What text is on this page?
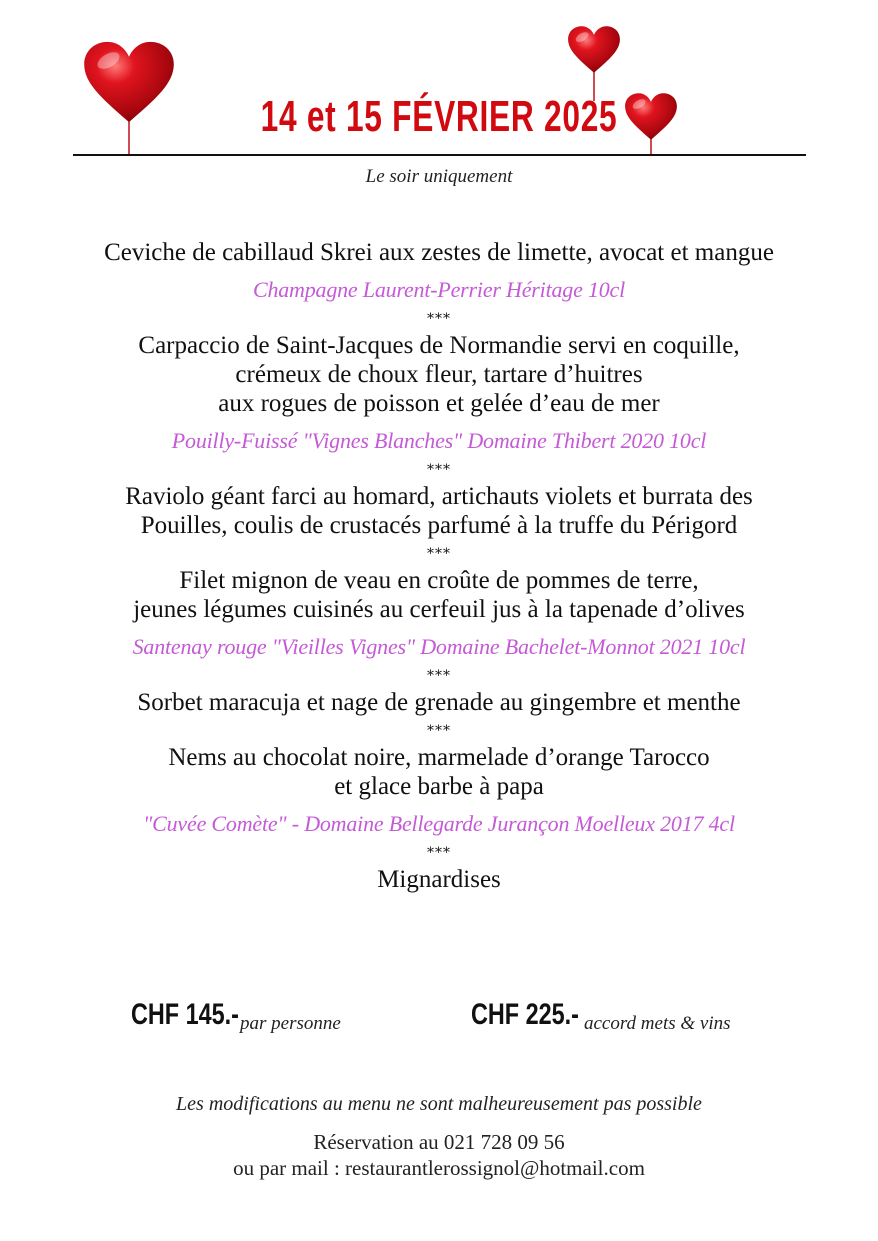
14 et 15 FÉVRIER 2025
Le soir uniquement
Ceviche de cabillaud Skrei aux zestes de limette, avocat et mangue
Champagne Laurent-Perrier Héritage 10cl
***
Carpaccio de Saint-Jacques de Normandie servi en coquille,
crémeux de choux fleur, tartare d’huitres
aux rogues de poisson et gelée d’eau de mer
Pouilly-Fuissé "Vignes Blanches" Domaine Thibert 2020 10cl
***
Raviolo géant farci au homard, artichauts violets et burrata des
Pouilles, coulis de crustacés parfumé à la truffe du Périgord
***
Filet mignon de veau en croûte de pommes de terre,
jeunes légumes cuisinés au cerfeuil jus à la tapenade d’olives
Santenay rouge "Vieilles Vignes" Domaine Bachelet-Monnot 2021 10cl
***
Sorbet maracuja et nage de grenade au gingembre et menthe
***
Nems au chocolat noire, marmelade d’orange Tarocco
et glace barbe à papa
"Cuvée Comète" - Domaine Bellegarde Jurançon Moelleux 2017 4cl
***
Mignardises
CHF 145.- par personne	CHF 225.- accord mets & vins
Les modifications au menu ne sont malheureusement pas possible
Réservation au 021 728 09 56
ou par mail : restaurantlerossignol@hotmail.com
